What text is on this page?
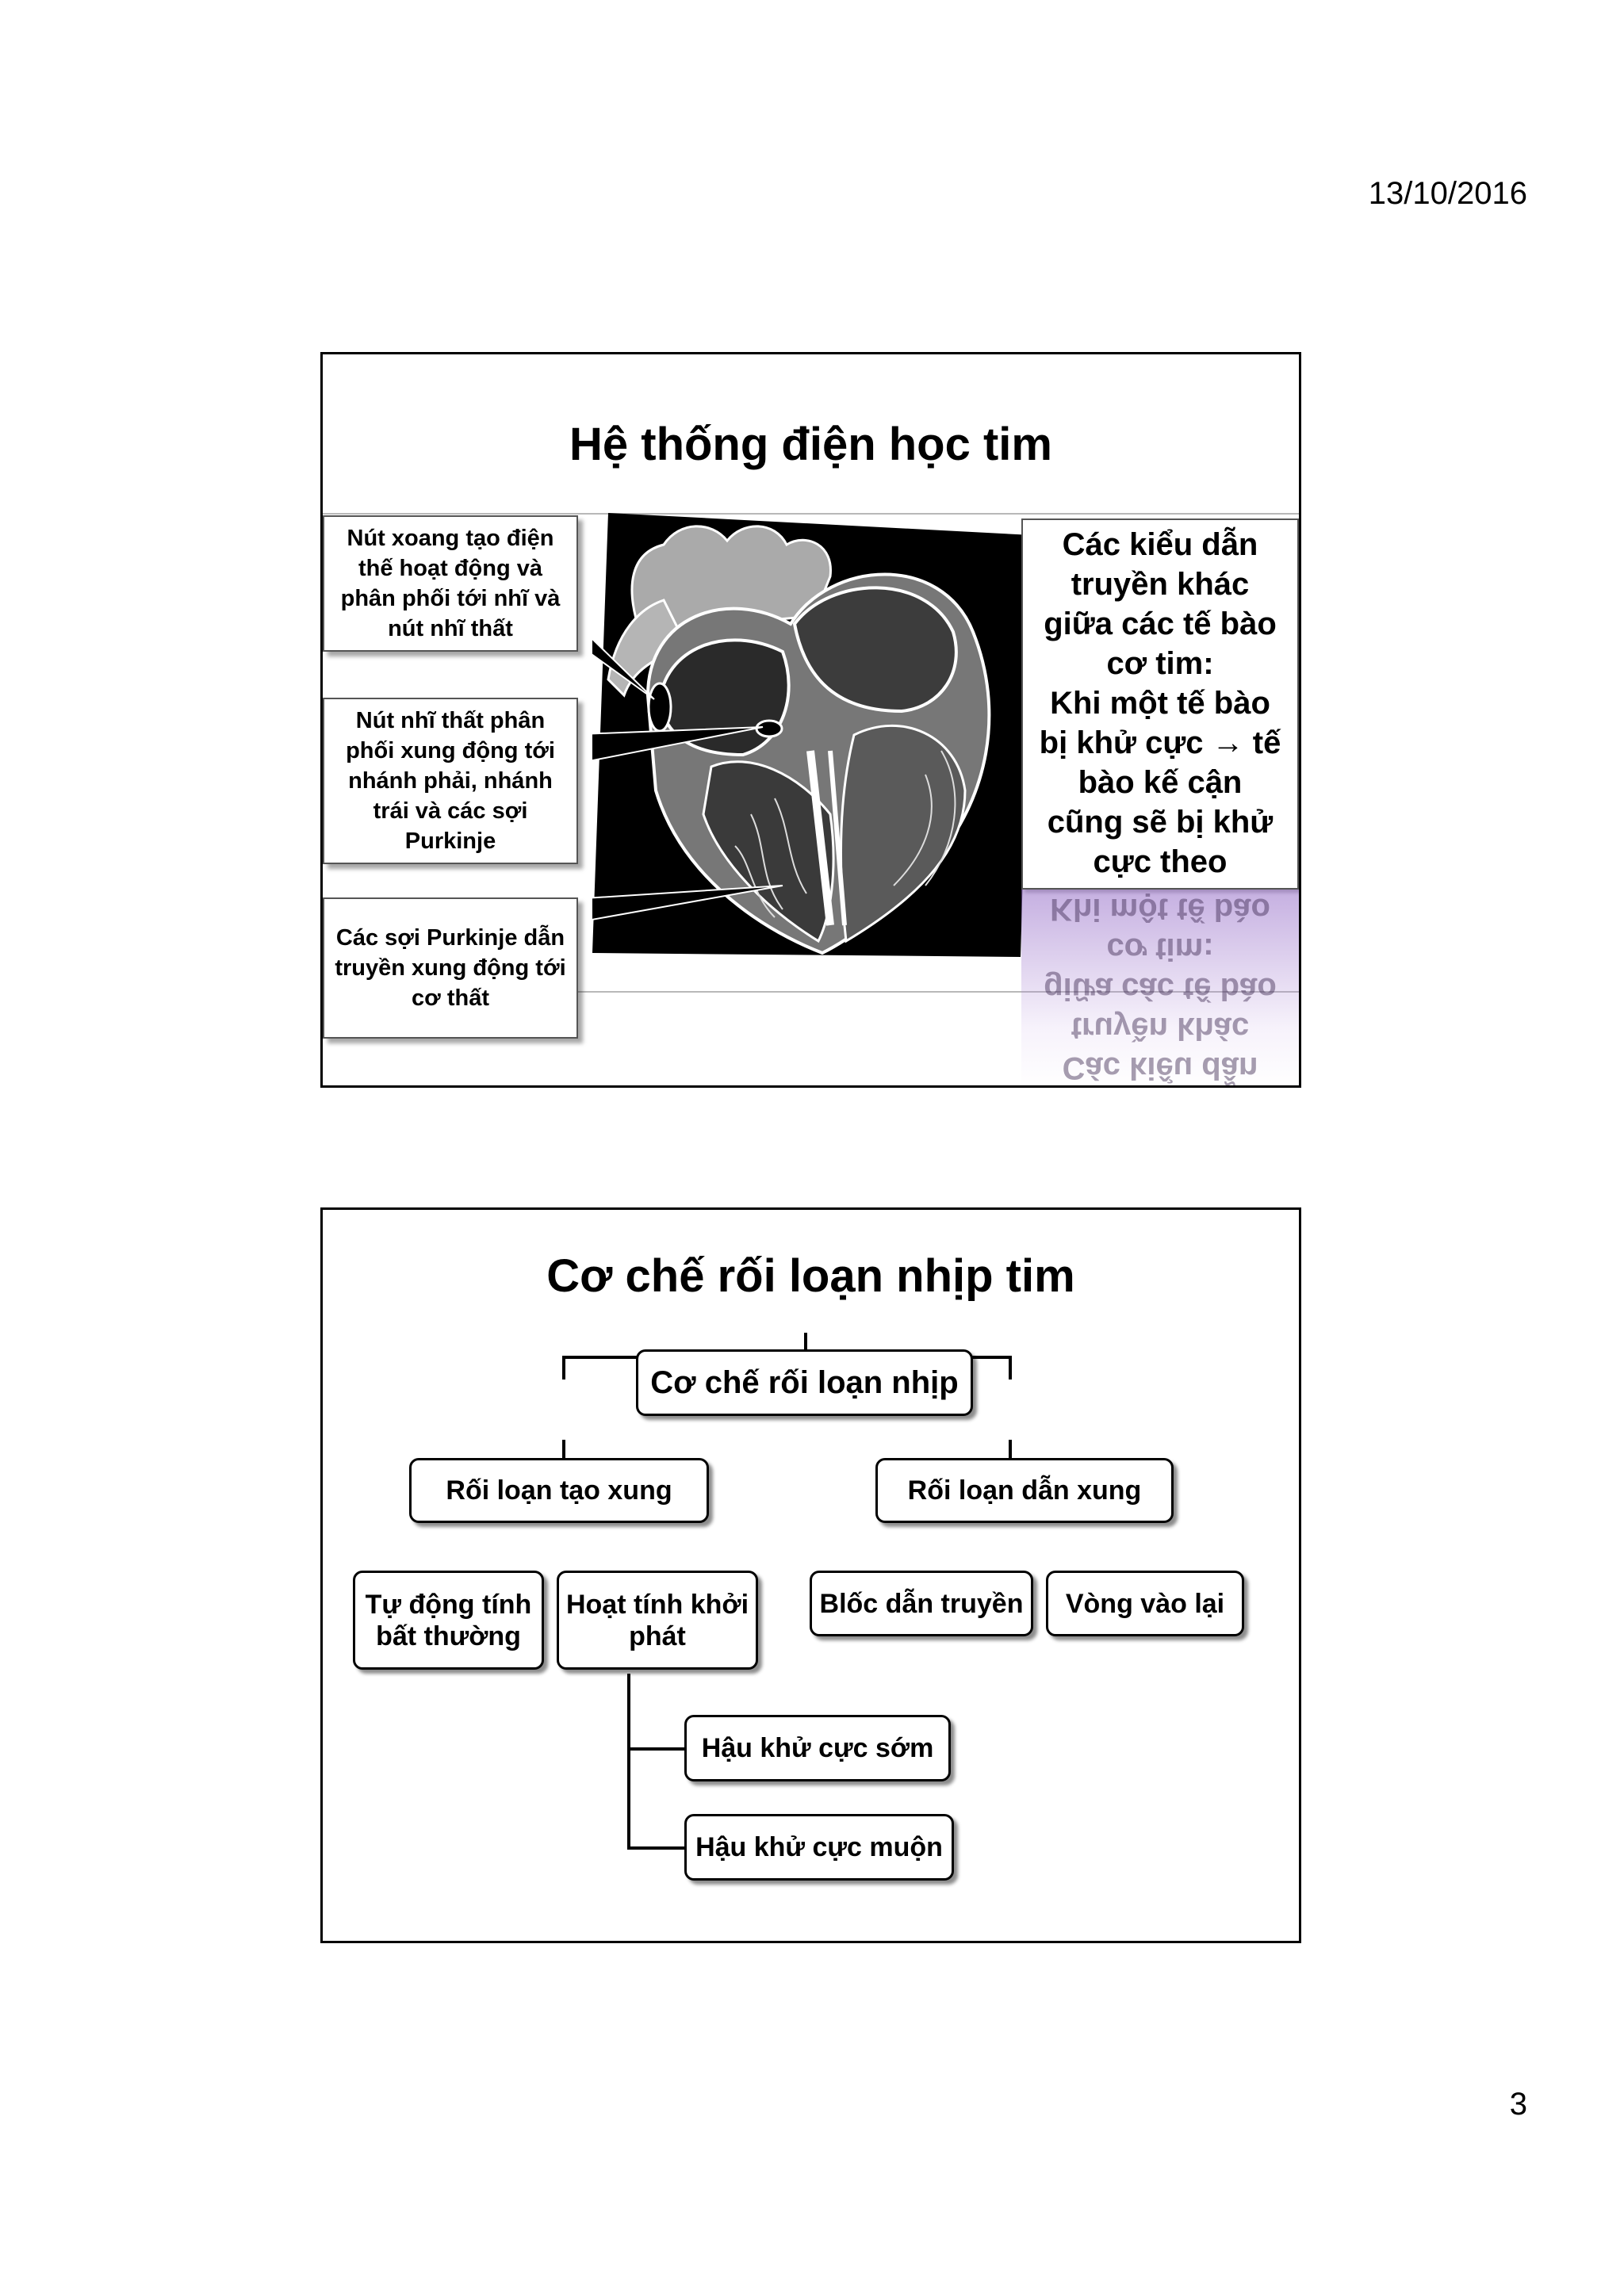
13/10/2016
Hệ thống điện học tim
Nút xoang tạo điện thế hoạt động và phân phối tới nhĩ và nút nhĩ thất
Nút nhĩ thất phân phối xung động tới nhánh phải, nhánh trái và các sợi Purkinje
Các sợi Purkinje dẫn truyền xung động tới cơ thất
Các kiểu dẫn
truyền khác
giữa các tế bào
cơ tim:
Khi một tế bào
bị khử cực → tế
bào kế cận
cũng sẽ bị khử
cực theo
Các kiểu dẫn
truyền khác
giữa các tế bào
cơ tim:
Khi một tế bào

Cơ chế rối loạn nhịp tim
Cơ chế rối loạn nhịp
Rối loạn tạo xung	Rối loạn dẫn xung
Tự động tính bất thường
Hoạt tính khởi phát
Blốc dẫn truyền	Vòng vào lại
Hậu khử cực sớm
Hậu khử cực muộn
3
